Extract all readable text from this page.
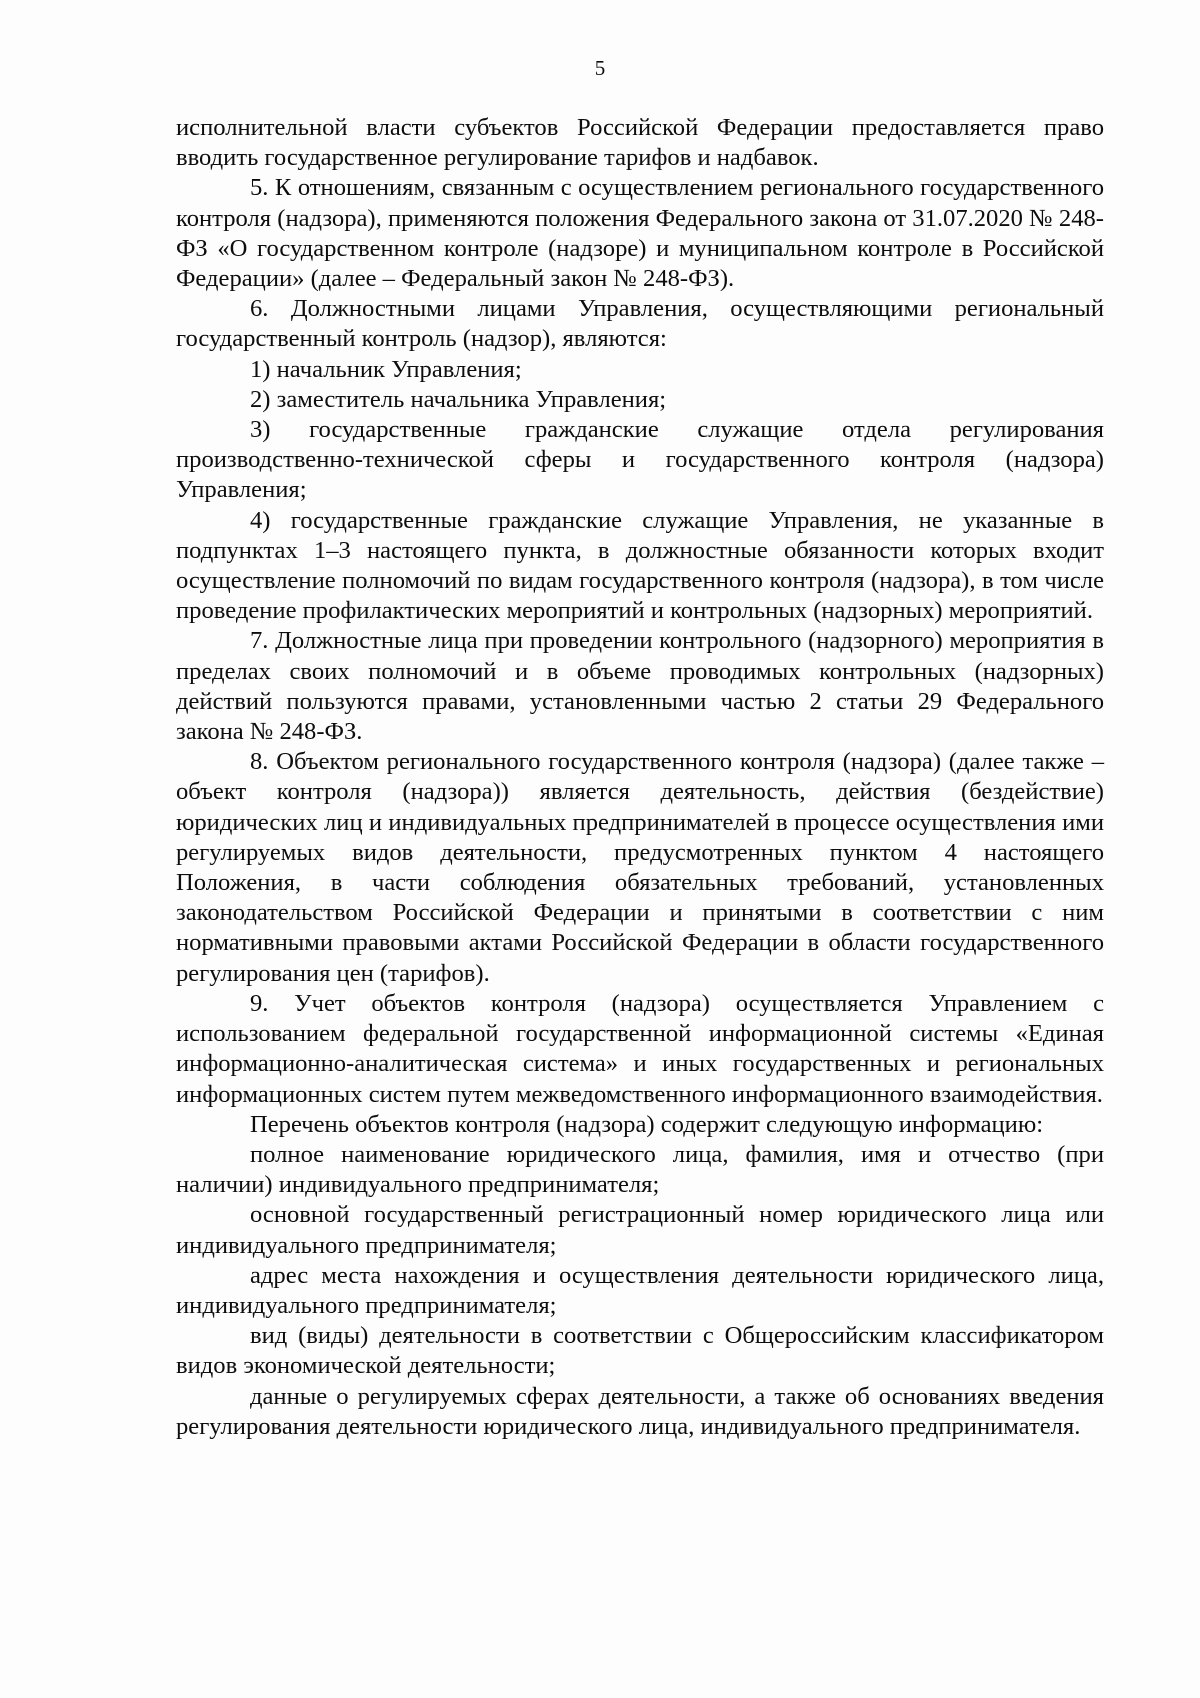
5

исполнительной власти субъектов Российской Федерации предоставляется право вводить государственное регулирование тарифов и надбавок.

5. К отношениям, связанным с осуществлением регионального государственного контроля (надзора), применяются положения Федерального закона от 31.07.2020 № 248-ФЗ «О государственном контроле (надзоре) и муниципальном контроле в Российской Федерации» (далее – Федеральный закон № 248-ФЗ).

6. Должностными лицами Управления, осуществляющими региональный государственный контроль (надзор), являются:

1) начальник Управления;

2) заместитель начальника Управления;

3) государственные гражданские служащие отдела регулирования производственно-технической сферы и государственного контроля (надзора) Управления;

4) государственные гражданские служащие Управления, не указанные в подпунктах 1–3 настоящего пункта, в должностные обязанности которых входит осуществление полномочий по видам государственного контроля (надзора), в том числе проведение профилактических мероприятий и контрольных (надзорных) мероприятий.

7. Должностные лица при проведении контрольного (надзорного) мероприятия в пределах своих полномочий и в объеме проводимых контрольных (надзорных) действий пользуются правами, установленными частью 2 статьи 29 Федерального закона № 248-ФЗ.

8. Объектом регионального государственного контроля (надзора) (далее также – объект контроля (надзора)) является деятельность, действия (бездействие) юридических лиц и индивидуальных предпринимателей в процессе осуществления ими регулируемых видов деятельности, предусмотренных пунктом 4 настоящего Положения, в части соблюдения обязательных требований, установленных законодательством Российской Федерации и принятыми в соответствии с ним нормативными правовыми актами Российской Федерации в области государственного регулирования цен (тарифов).

9. Учет объектов контроля (надзора) осуществляется Управлением с использованием федеральной государственной информационной системы «Единая информационно-аналитическая система» и иных государственных и региональных информационных систем путем межведомственного информационного взаимодействия.

Перечень объектов контроля (надзора) содержит следующую информацию:

полное наименование юридического лица, фамилия, имя и отчество (при наличии) индивидуального предпринимателя;

основной государственный регистрационный номер юридического лица или индивидуального предпринимателя;

адрес места нахождения и осуществления деятельности юридического лица, индивидуального предпринимателя;

вид (виды) деятельности в соответствии с Общероссийским классификатором видов экономической деятельности;

данные о регулируемых сферах деятельности, а также об основаниях введения регулирования деятельности юридического лица, индивидуального предпринимателя.
